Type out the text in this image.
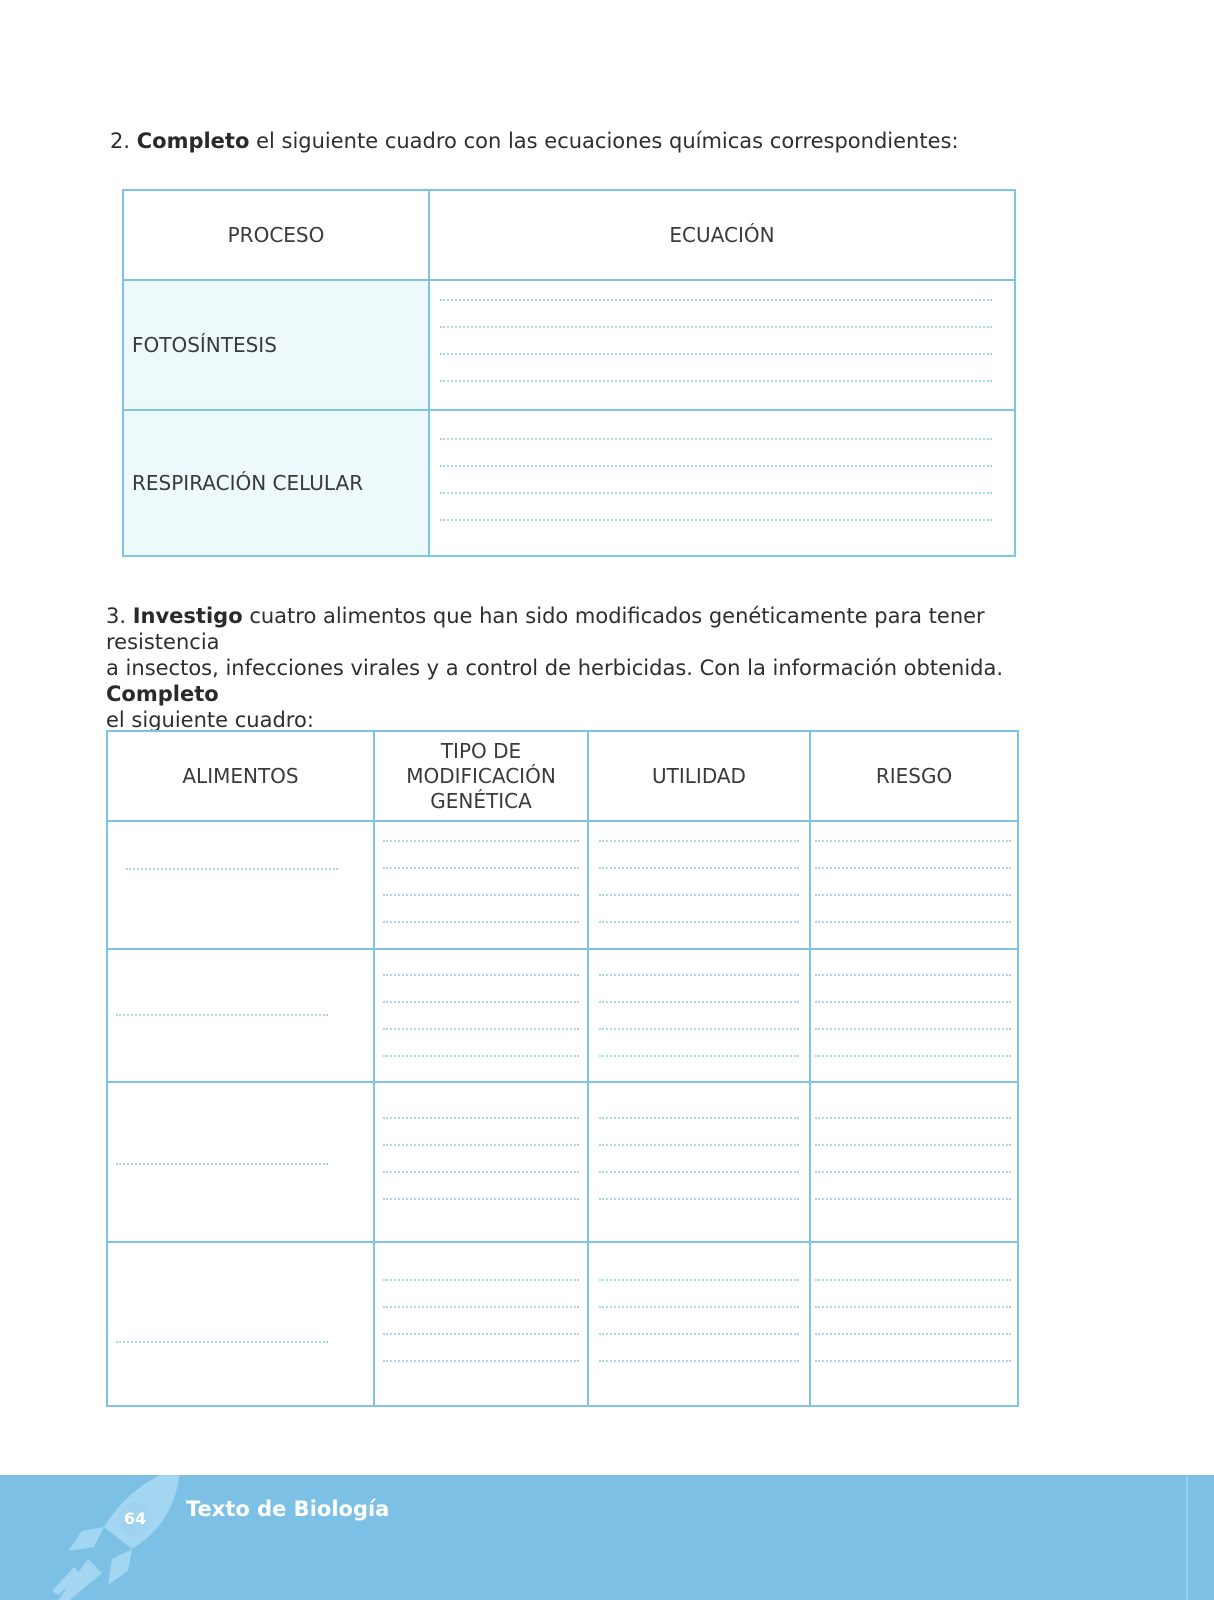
2. Completo el siguiente cuadro con las ecuaciones químicas correspondientes:
PROCESO	ECUACIÓN
FOTOSÍNTESIS	

RESPIRACIÓN CELULAR	
3. Investigo cuatro alimentos que han sido modificados genéticamente para tener resistencia
a insectos, infecciones virales y a control de herbicidas. Con la información obtenida. Completo
el siguiente cuadro:
ALIMENTOS	TIPO DE
MODIFICACIÓN
GENÉTICA	UTILIDAD	RIESGO

64 Texto de Biología
